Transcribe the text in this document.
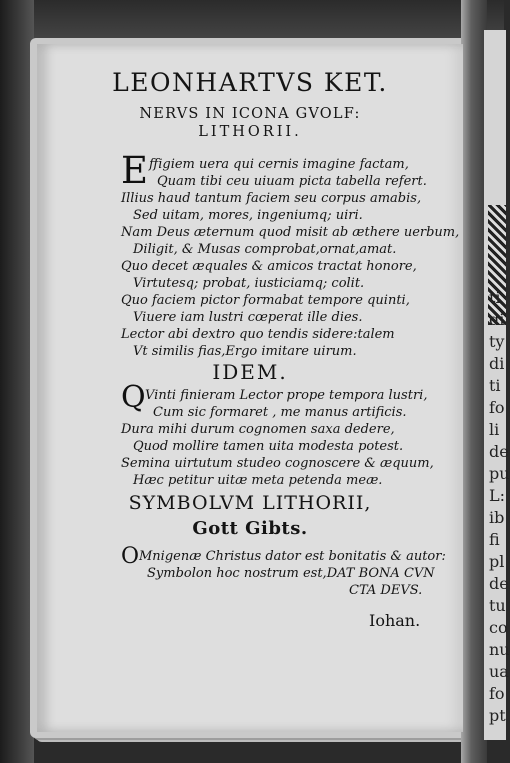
ti
di
ty
di
ti
fo
li
de
pu
L:
ib
fi
pl
de
tu
co
nu
ua
fo
pt
LEONHARTVS KET.
NERVS IN ICONA GVOLF:
LITHORII.
E ffigiem uera qui cernis imagine factam,
Quam tibi ceu uiuam picta tabella refert.
Illius haud tantum faciem seu corpus amabis,
Sed uitam, mores, ingeniumq; uiri.
Nam Deus æternum quod misit ab æthere uerbum,
Diligit, & Musas comprobat,ornat,amat.
Quo decet æquales & amicos tractat honore,
Virtutesq; probat, iusticiamq; colit.
Quo faciem pictor formabat tempore quinti,
Viuere iam lustri cœperat ille dies.
Lector abi dextro quo tendis sidere:talem
Vt similis fias,Ergo imitare uirum.
IDEM.
Q Vinti finieram Lector prope tempora lustri,
Cum sic formaret , me manus artificis.
Dura mihi durum cognomen saxa dedere,
Quod mollire tamen uita modesta potest.
Semina uirtutum studeo cognoscere & æquum,
Hæc petitur uitæ meta petenda meæ.
SYMBOLVM LITHORII,
Gott Gibts.
O Mnigenæ Christus dator est bonitatis & autor:
Symbolon hoc nostrum est,DAT BONA CVN
CTA DEVS.
Iohan.
